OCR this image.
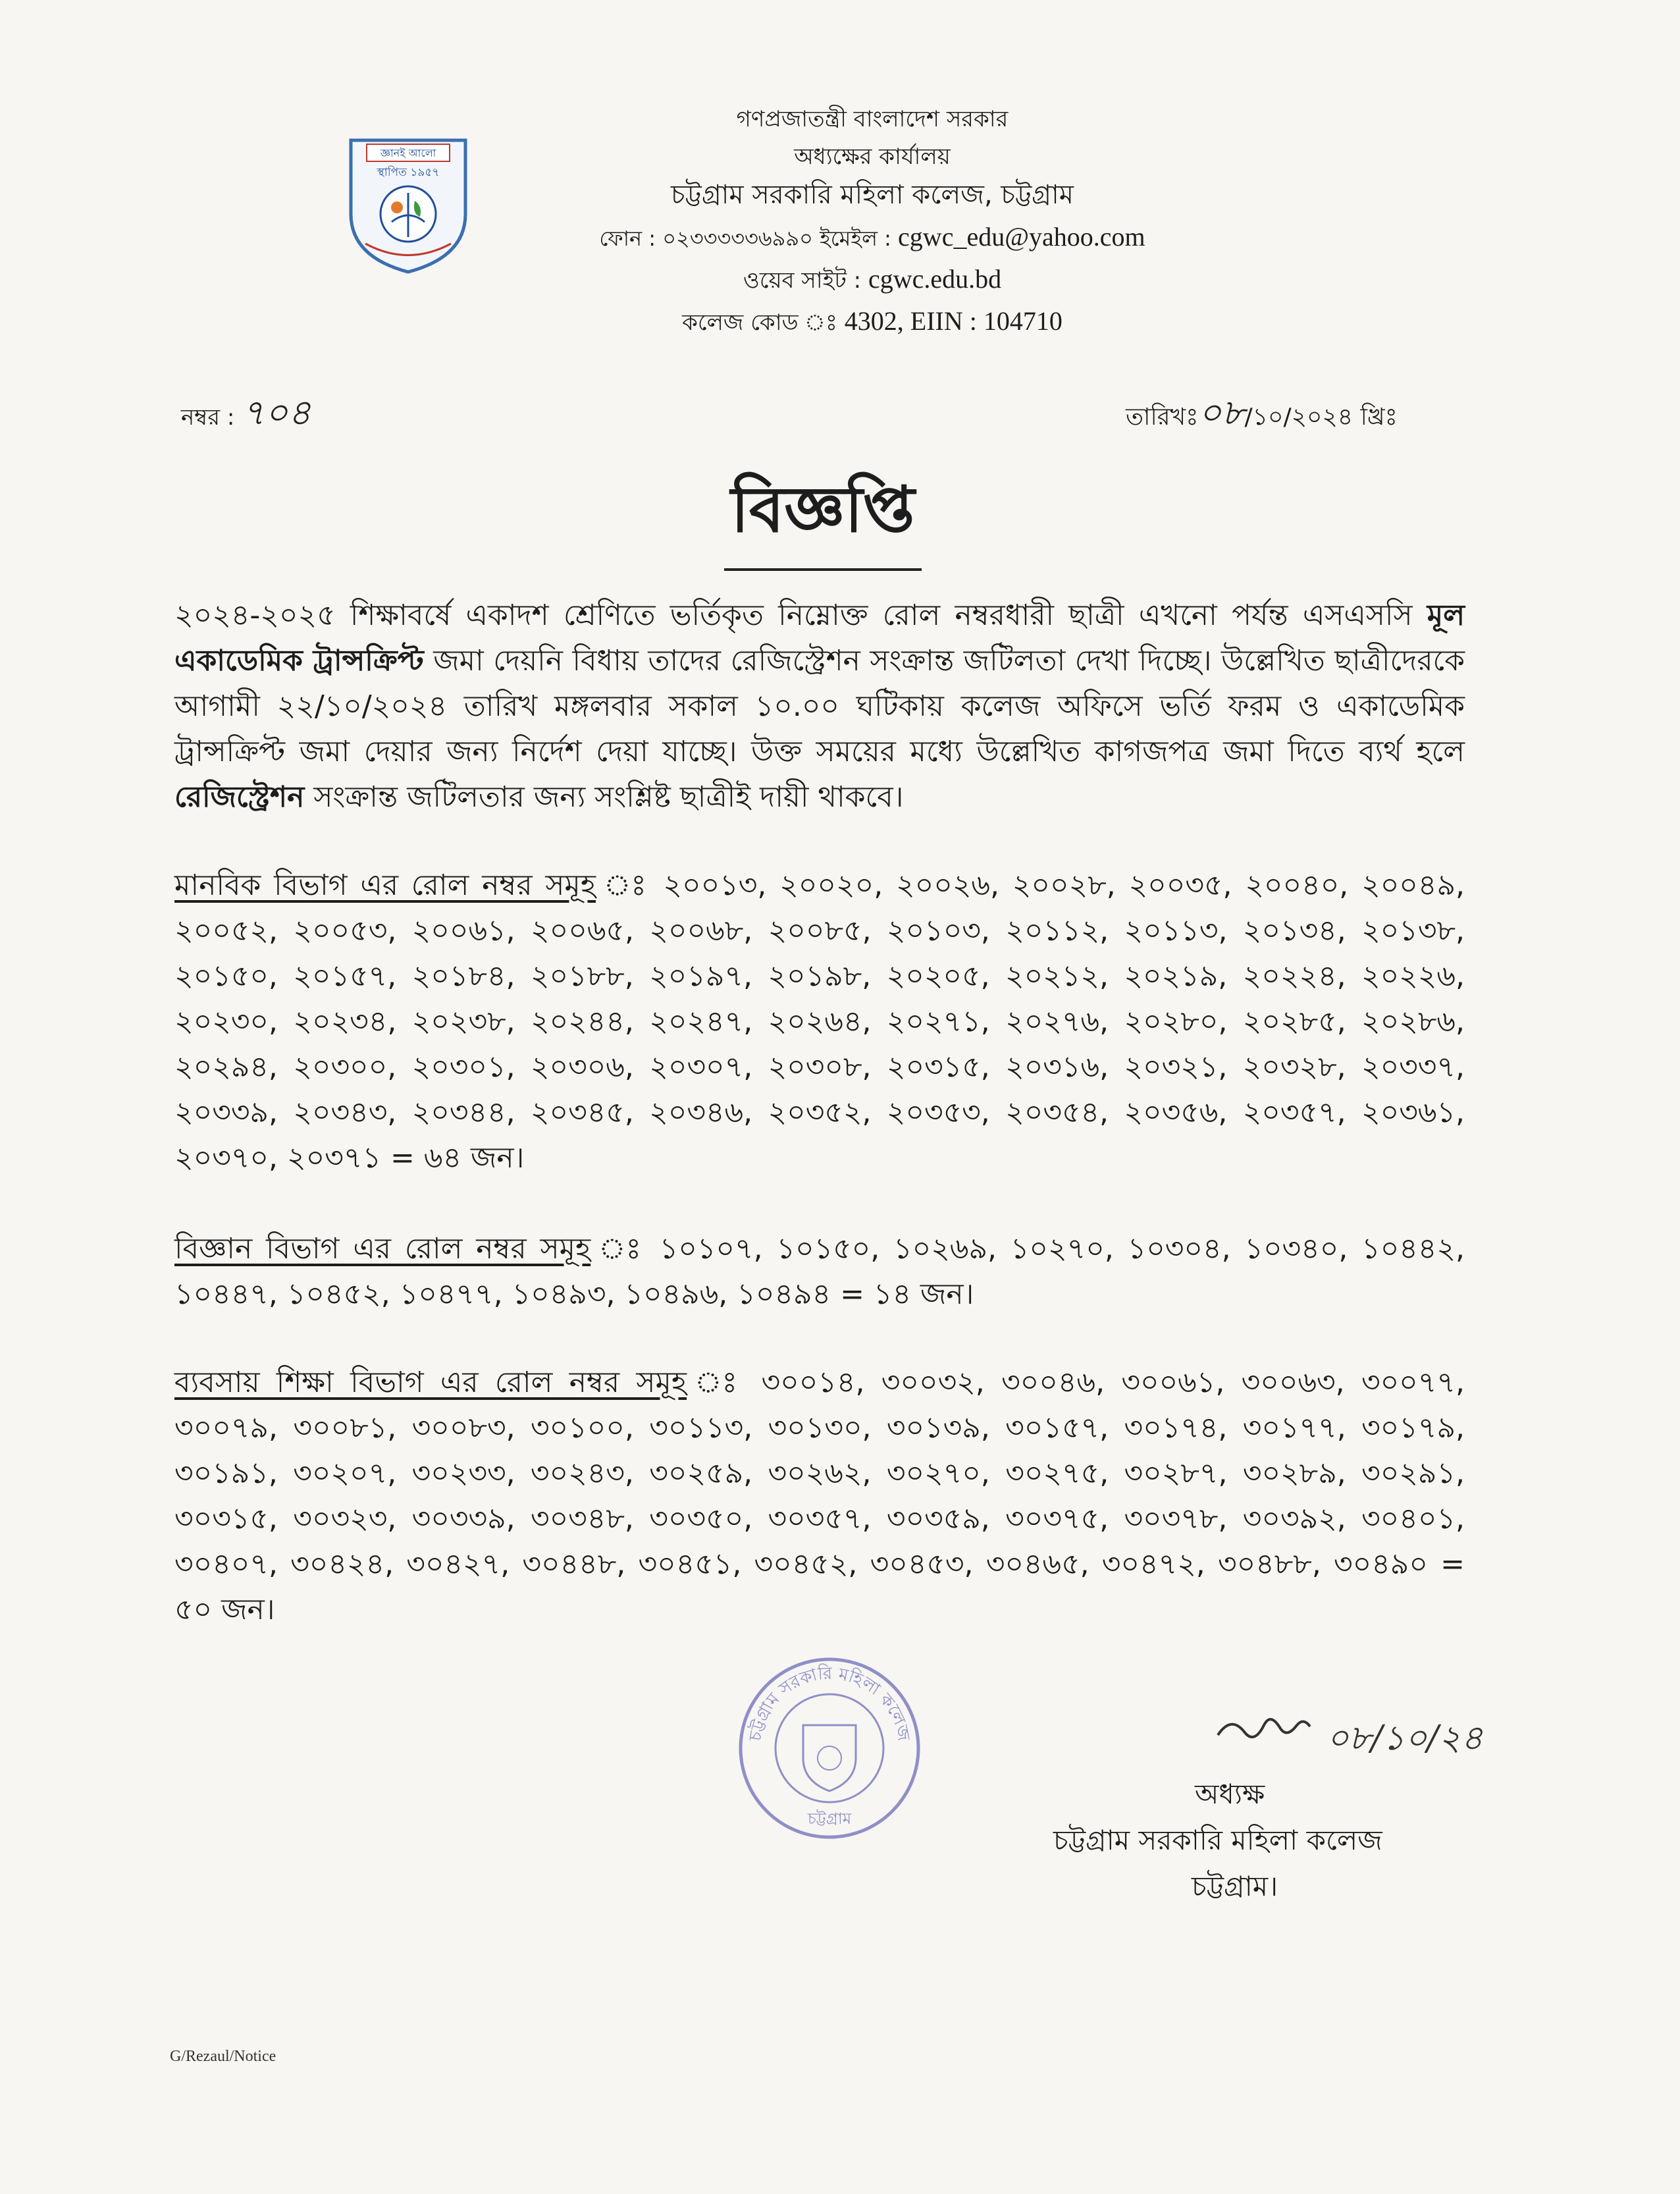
জ্ঞানই আলো
স্থাপিত ১৯৫৭
গণপ্রজাতন্ত্রী বাংলাদেশ সরকার
অধ্যক্ষের কার্যালয়
চট্টগ্রাম সরকারি মহিলা কলেজ, চট্টগ্রাম
ফোন : ০২৩৩৩৩৩৬৯৯০ ইমেইল : cgwc_edu@yahoo.com
ওয়েব সাইট : cgwc.edu.bd
কলেজ কোড ঃ 4302, EIIN : 104710
নম্বর : ৭০৪	তারিখঃ০৮/১০/২০২৪ খ্রিঃ
বিজ্ঞপ্তি
২০২৪-২০২৫ শিক্ষাবর্ষে একাদশ শ্রেণিতে ভর্তিকৃত নিম্নোক্ত রোল নম্বরধারী ছাত্রী এখনো পর্যন্ত এসএসসি মূল একাডেমিক ট্রান্সক্রিপ্ট জমা দেয়নি বিধায় তাদের রেজিস্ট্রেশন সংক্রান্ত জটিলতা দেখা দিচ্ছে। উল্লেখিত ছাত্রীদেরকে আগামী ২২/১০/২০২৪ তারিখ মঙ্গলবার সকাল ১০.০০ ঘটিকায় কলেজ অফিসে ভর্তি ফরম ও একাডেমিক ট্রান্সক্রিপ্ট জমা দেয়ার জন্য নির্দেশ দেয়া যাচ্ছে। উক্ত সময়ের মধ্যে উল্লেখিত কাগজপত্র জমা দিতে ব্যর্থ হলে রেজিস্ট্রেশন সংক্রান্ত জটিলতার জন্য সংশ্লিষ্ট ছাত্রীই দায়ী থাকবে।
মানবিক বিভাগ এর রোল নম্বর সমূহ ঃ ২০০১৩, ২০০২০, ২০০২৬, ২০০২৮, ২০০৩৫, ২০০৪০, ২০০৪৯, ২০০৫২, ২০০৫৩, ২০০৬১, ২০০৬৫, ২০০৬৮, ২০০৮৫, ২০১০৩, ২০১১২, ২০১১৩, ২০১৩৪, ২০১৩৮, ২০১৫০, ২০১৫৭, ২০১৮৪, ২০১৮৮, ২০১৯৭, ২০১৯৮, ২০২০৫, ২০২১২, ২০২১৯, ২০২২৪, ২০২২৬, ২০২৩০, ২০২৩৪, ২০২৩৮, ২০২৪৪, ২০২৪৭, ২০২৬৪, ২০২৭১, ২০২৭৬, ২০২৮০, ২০২৮৫, ২০২৮৬, ২০২৯৪, ২০৩০০, ২০৩০১, ২০৩০৬, ২০৩০৭, ২০৩০৮, ২০৩১৫, ২০৩১৬, ২০৩২১, ২০৩২৮, ২০৩৩৭, ২০৩৩৯, ২০৩৪৩, ২০৩৪৪, ২০৩৪৫, ২০৩৪৬, ২০৩৫২, ২০৩৫৩, ২০৩৫৪, ২০৩৫৬, ২০৩৫৭, ২০৩৬১, ২০৩৭০, ২০৩৭১ = ৬৪ জন।
বিজ্ঞান বিভাগ এর রোল নম্বর সমূহ ঃ ১০১০৭, ১০১৫০, ১০২৬৯, ১০২৭০, ১০৩০৪, ১০৩৪০, ১০৪৪২, ১০৪৪৭, ১০৪৫২, ১০৪৭৭, ১০৪৯৩, ১০৪৯৬, ১০৪৯৪ = ১৪ জন।
ব্যবসায় শিক্ষা বিভাগ এর রোল নম্বর সমূহ ঃ ৩০০১৪, ৩০০৩২, ৩০০৪৬, ৩০০৬১, ৩০০৬৩, ৩০০৭৭, ৩০০৭৯, ৩০০৮১, ৩০০৮৩, ৩০১০০, ৩০১১৩, ৩০১৩০, ৩০১৩৯, ৩০১৫৭, ৩০১৭৪, ৩০১৭৭, ৩০১৭৯, ৩০১৯১, ৩০২০৭, ৩০২৩৩, ৩০২৪৩, ৩০২৫৯, ৩০২৬২, ৩০২৭০, ৩০২৭৫, ৩০২৮৭, ৩০২৮৯, ৩০২৯১, ৩০৩১৫, ৩০৩২৩, ৩০৩৩৯, ৩০৩৪৮, ৩০৩৫০, ৩০৩৫৭, ৩০৩৫৯, ৩০৩৭৫, ৩০৩৭৮, ৩০৩৯২, ৩০৪০১, ৩০৪০৭, ৩০৪২৪, ৩০৪২৭, ৩০৪৪৮, ৩০৪৫১, ৩০৪৫২, ৩০৪৫৩, ৩০৪৬৫, ৩০৪৭২, ৩০৪৮৮, ৩০৪৯০ = ৫০ জন।
চট্টগ্রাম সরকারি মহিলা কলেজ
চট্টগ্রাম
০৮/১০/২৪
অধ্যক্ষ
চট্টগ্রাম সরকারি মহিলা কলেজ
চট্টগ্রাম।
G/Rezaul/Notice
